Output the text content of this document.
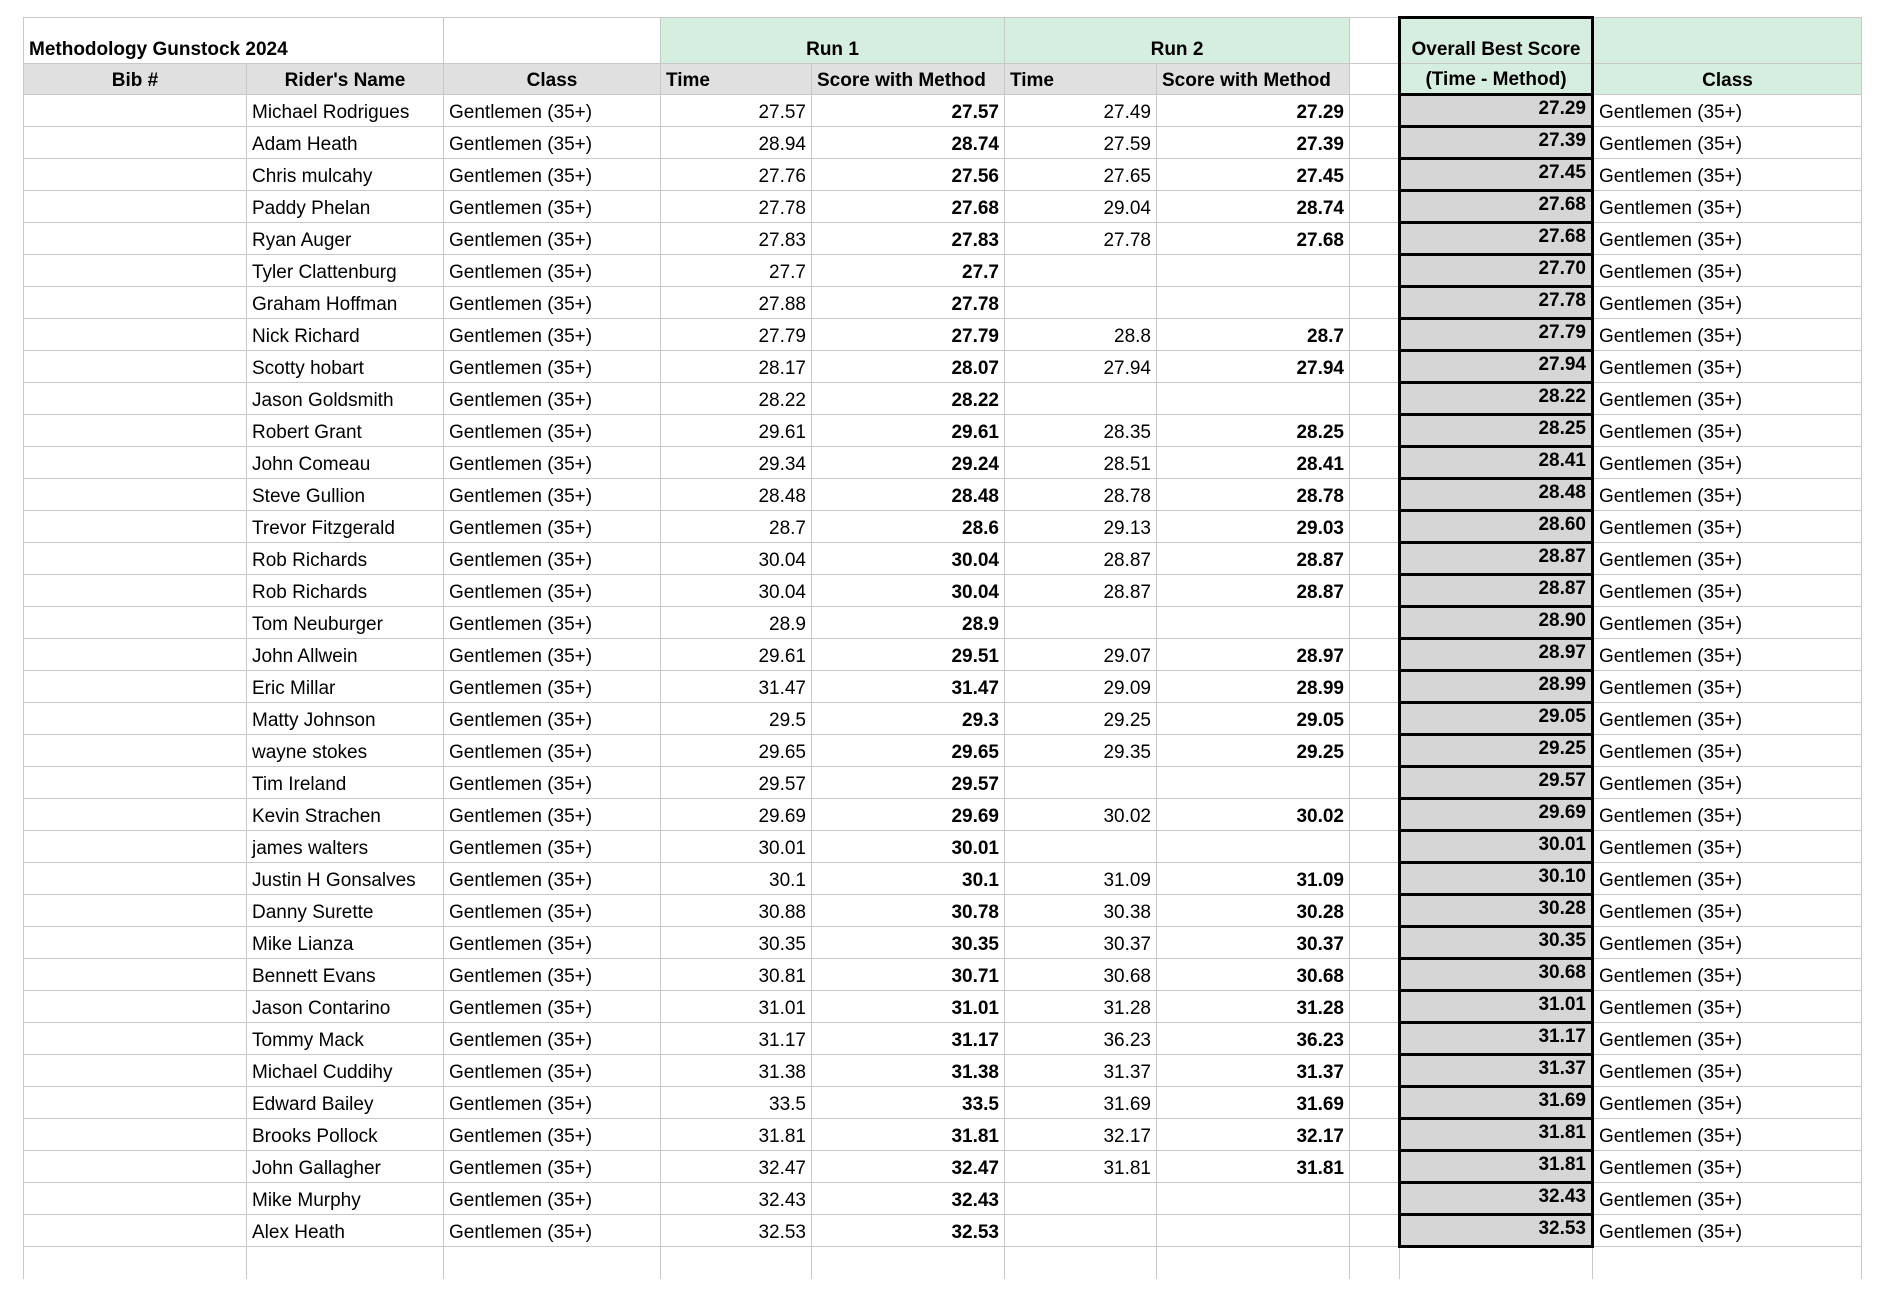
Methodology Gunstock 2024			Run 1		Run 2			Overall Best Score	
Bib #	Rider's Name	Class	Time	Score with Method	Time	Score with Method		(Time - Method)	Class
	Michael Rodrigues	Gentlemen (35+)	27.57	27.57	27.49	27.29		27.29	Gentlemen (35+)
	Adam Heath	Gentlemen (35+)	28.94	28.74	27.59	27.39		27.39	Gentlemen (35+)
	Chris mulcahy	Gentlemen (35+)	27.76	27.56	27.65	27.45		27.45	Gentlemen (35+)
	Paddy Phelan	Gentlemen (35+)	27.78	27.68	29.04	28.74		27.68	Gentlemen (35+)
	Ryan Auger	Gentlemen (35+)	27.83	27.83	27.78	27.68		27.68	Gentlemen (35+)
	Tyler Clattenburg	Gentlemen (35+)	27.7	27.7				27.70	Gentlemen (35+)
	Graham Hoffman	Gentlemen (35+)	27.88	27.78				27.78	Gentlemen (35+)
	Nick Richard	Gentlemen (35+)	27.79	27.79	28.8	28.7		27.79	Gentlemen (35+)
	Scotty hobart	Gentlemen (35+)	28.17	28.07	27.94	27.94		27.94	Gentlemen (35+)
	Jason Goldsmith	Gentlemen (35+)	28.22	28.22				28.22	Gentlemen (35+)
	Robert Grant	Gentlemen (35+)	29.61	29.61	28.35	28.25		28.25	Gentlemen (35+)
	John Comeau	Gentlemen (35+)	29.34	29.24	28.51	28.41		28.41	Gentlemen (35+)
	Steve Gullion	Gentlemen (35+)	28.48	28.48	28.78	28.78		28.48	Gentlemen (35+)
	Trevor Fitzgerald	Gentlemen (35+)	28.7	28.6	29.13	29.03		28.60	Gentlemen (35+)
	Rob Richards	Gentlemen (35+)	30.04	30.04	28.87	28.87		28.87	Gentlemen (35+)
	Rob Richards	Gentlemen (35+)	30.04	30.04	28.87	28.87		28.87	Gentlemen (35+)
	Tom Neuburger	Gentlemen (35+)	28.9	28.9				28.90	Gentlemen (35+)
	John Allwein	Gentlemen (35+)	29.61	29.51	29.07	28.97		28.97	Gentlemen (35+)
	Eric Millar	Gentlemen (35+)	31.47	31.47	29.09	28.99		28.99	Gentlemen (35+)
	Matty Johnson	Gentlemen (35+)	29.5	29.3	29.25	29.05		29.05	Gentlemen (35+)
	wayne stokes	Gentlemen (35+)	29.65	29.65	29.35	29.25		29.25	Gentlemen (35+)
	Tim Ireland	Gentlemen (35+)	29.57	29.57				29.57	Gentlemen (35+)
	Kevin Strachen	Gentlemen (35+)	29.69	29.69	30.02	30.02		29.69	Gentlemen (35+)
	james walters	Gentlemen (35+)	30.01	30.01				30.01	Gentlemen (35+)
	Justin H Gonsalves	Gentlemen (35+)	30.1	30.1	31.09	31.09		30.10	Gentlemen (35+)
	Danny Surette	Gentlemen (35+)	30.88	30.78	30.38	30.28		30.28	Gentlemen (35+)
	Mike Lianza	Gentlemen (35+)	30.35	30.35	30.37	30.37		30.35	Gentlemen (35+)
	Bennett Evans	Gentlemen (35+)	30.81	30.71	30.68	30.68		30.68	Gentlemen (35+)
	Jason Contarino	Gentlemen (35+)	31.01	31.01	31.28	31.28		31.01	Gentlemen (35+)
	Tommy Mack	Gentlemen (35+)	31.17	31.17	36.23	36.23		31.17	Gentlemen (35+)
	Michael Cuddihy	Gentlemen (35+)	31.38	31.38	31.37	31.37		31.37	Gentlemen (35+)
	Edward Bailey	Gentlemen (35+)	33.5	33.5	31.69	31.69		31.69	Gentlemen (35+)
	Brooks Pollock	Gentlemen (35+)	31.81	31.81	32.17	32.17		31.81	Gentlemen (35+)
	John Gallagher	Gentlemen (35+)	32.47	32.47	31.81	31.81		31.81	Gentlemen (35+)
	Mike Murphy	Gentlemen (35+)	32.43	32.43				32.43	Gentlemen (35+)
	Alex Heath	Gentlemen (35+)	32.53	32.53				32.53	Gentlemen (35+)
